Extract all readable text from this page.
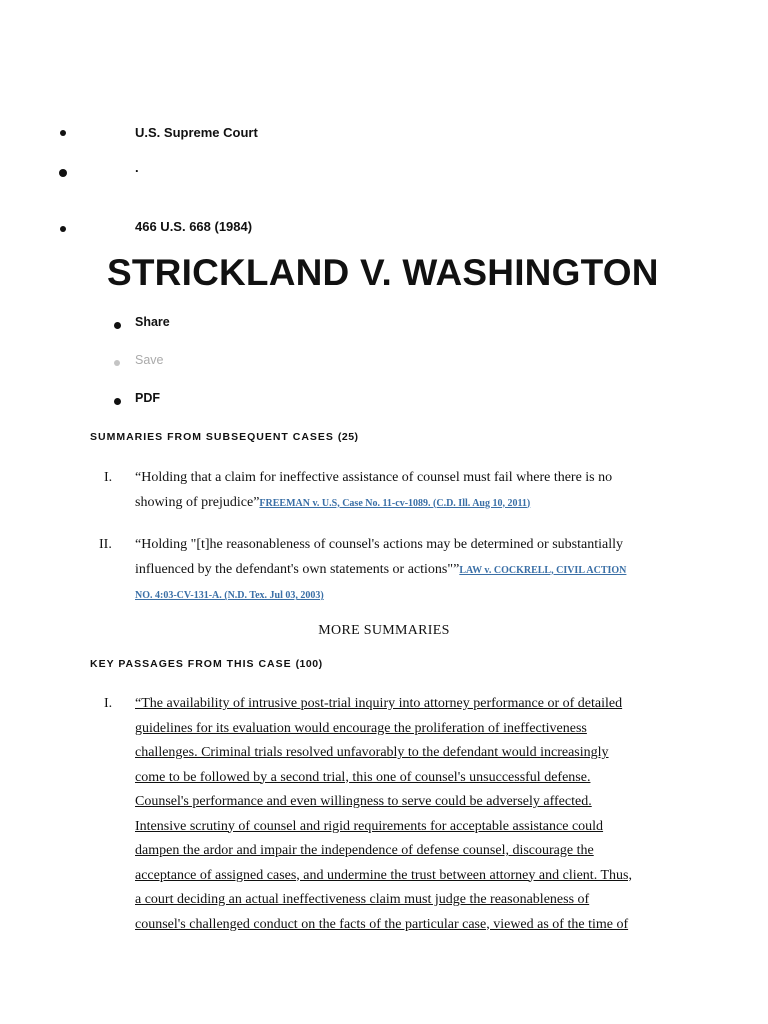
U.S. Supreme Court
.
466 U.S. 668 (1984)
STRICKLAND V. WASHINGTON
Share
Save
PDF
SUMMARIES FROM SUBSEQUENT CASES (25)
I. “Holding that a claim for ineffective assistance of counsel must fail where there is no
showing of prejudice”FREEMAN v. U.S, Case No. 11-cv-1089. (C.D. Ill. Aug 10, 2011)
II. “Holding "[t]he reasonableness of counsel's actions may be determined or substantially
influenced by the defendant's own statements or actions"”LAW v. COCKRELL, CIVIL ACTION
NO. 4:03-CV-131-A. (N.D. Tex. Jul 03, 2003)
MORE SUMMARIES
KEY PASSAGES FROM THIS CASE (100)
I. “The availability of intrusive post-trial inquiry into attorney performance or of detailed
guidelines for its evaluation would encourage the proliferation of ineffectiveness
challenges. Criminal trials resolved unfavorably to the defendant would increasingly
come to be followed by a second trial, this one of counsel's unsuccessful defense.
Counsel's performance and even willingness to serve could be adversely affected.
Intensive scrutiny of counsel and rigid requirements for acceptable assistance could
dampen the ardor and impair the independence of defense counsel, discourage the
acceptance of assigned cases, and undermine the trust between attorney and client. Thus,
a court deciding an actual ineffectiveness claim must judge the reasonableness of
counsel's challenged conduct on the facts of the particular case, viewed as of the time of
